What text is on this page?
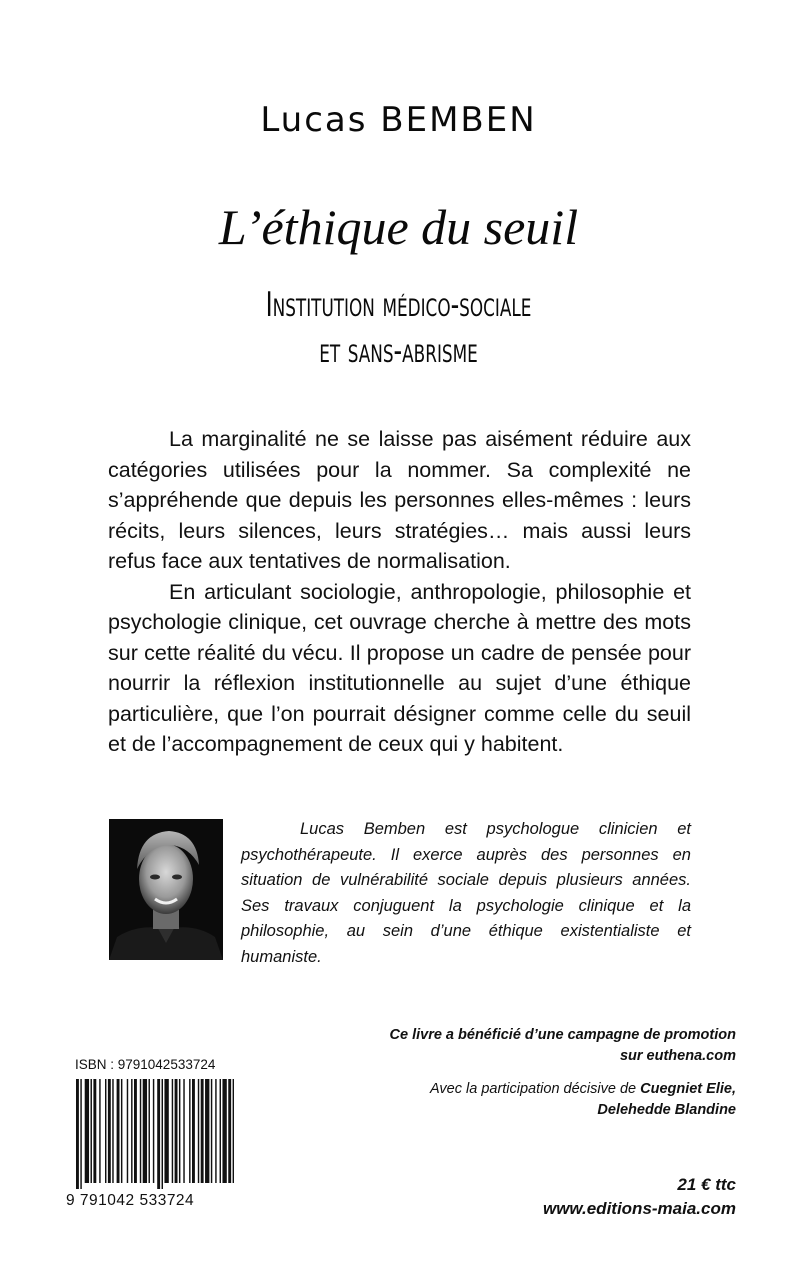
Lucas BEMBEN
L’éthique du seuil
Institution médico-sociale
et sans-abrisme

La marginalité ne se laisse pas aisément réduire aux catégories utilisées pour la nommer. Sa complexité ne s’appréhende que depuis les personnes elles-mêmes : leurs récits, leurs silences, leurs stratégies… mais aussi leurs refus face aux tentatives de normalisation.

En articulant sociologie, anthropologie, philosophie et psychologie clinique, cet ouvrage cherche à mettre des mots sur cette réalité du vécu. Il propose un cadre de pensée pour nourrir la réflexion institutionnelle au sujet d’une éthique particulière, que l’on pourrait désigner comme celle du seuil et de l’accompagnement de ceux qui y habitent.

Lucas Bemben est psychologue clinicien et psychothérapeute. Il exerce auprès des personnes en situation de vulnérabilité sociale depuis plusieurs années. Ses travaux conjuguent la psychologie clinique et la philosophie, au sein d’une éthique existentialiste et humaniste.
Ce livre a bénéficié d’une campagne de promotion
sur euthena.com
Avec la participation décisive de Cuegniet Elie,
Delehedde Blandine
ISBN : 9791042533724
9 791042 533724
21 € ttc
www.editions-maia.com
